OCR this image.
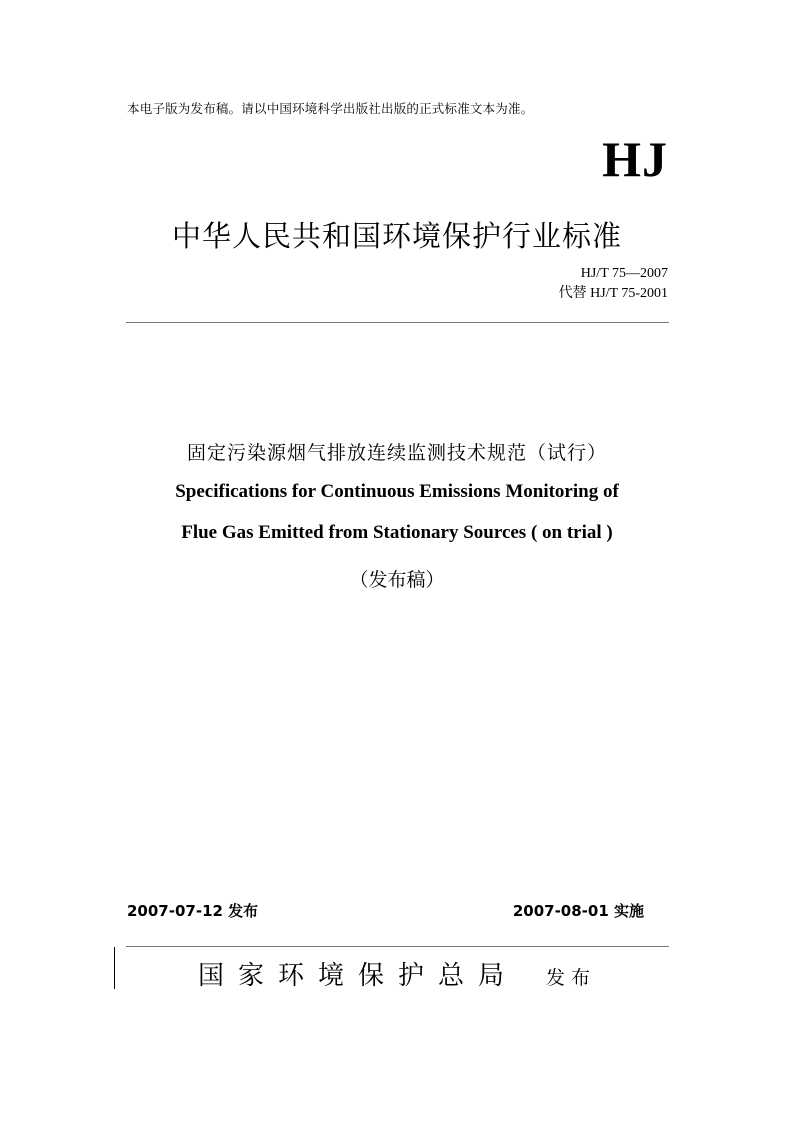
本电子版为发布稿。请以中国环境科学出版社出版的正式标准文本为准。
HJ
中华人民共和国环境保护行业标准
HJ/T 75—2007
代替 HJ/T 75-2001
固定污染源烟气排放连续监测技术规范（试行）
Specifications for Continuous Emissions Monitoring of
Flue Gas Emitted from Stationary Sources ( on trial )
（发布稿）
2007-07-12 发布	2007-08-01 实施
国家环境保护总局 发布
